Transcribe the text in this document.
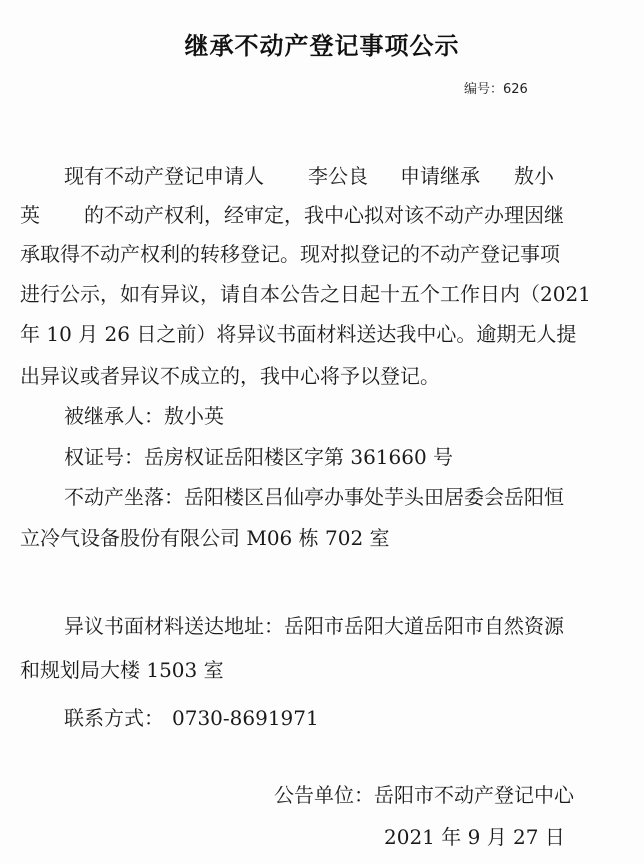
继承不动产登记事项公示
编号：626
现有不动产登记申请人 李公良 申请继承 敖小
英 的不动产权利，经审定，我中心拟对该不动产办理因继
承取得不动产权利的转移登记。现对拟登记的不动产登记事项
进行公示，如有异议，请自本公告之日起十五个工作日内（2021
年 10 月 26 日之前）将异议书面材料送达我中心。逾期无人提
出异议或者异议不成立的，我中心将予以登记。
被继承人：敖小英
权证号：岳房权证岳阳楼区字第 361660 号
不动产坐落：岳阳楼区吕仙亭办事处芋头田居委会岳阳恒
立冷气设备股份有限公司 M06 栋 702 室
异议书面材料送达地址：岳阳市岳阳大道岳阳市自然资源
和规划局大楼 1503 室
联系方式： 0730-8691971
公告单位：岳阳市不动产登记中心
2021 年 9 月 27 日
